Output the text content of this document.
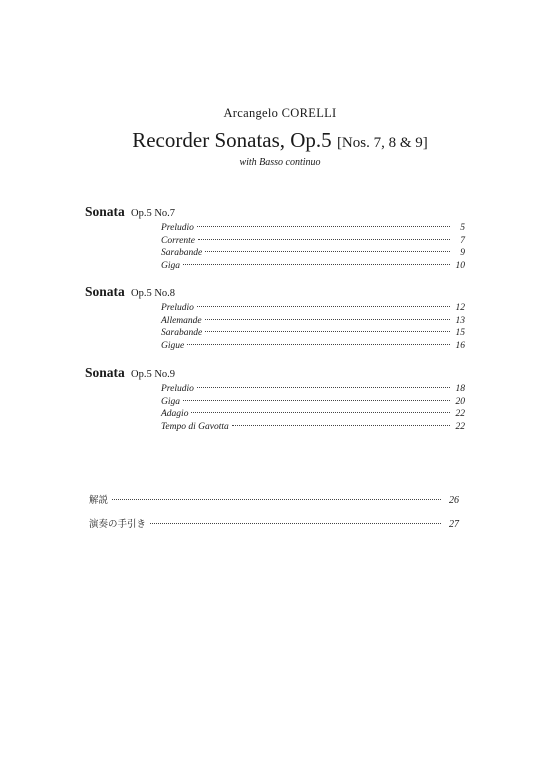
Arcangelo CORELLI
Recorder Sonatas, Op.5 [Nos. 7, 8 & 9]
with Basso continuo
Sonata Op.5 No.7
Preludio	5
Corrente	7
Sarabande	9
Giga	10
Sonata Op.5 No.8
Preludio	12
Allemande	13
Sarabande	15
Gigue	16
Sonata Op.5 No.9
Preludio	18
Giga	20
Adagio	22
Tempo di Gavotta	22
解説	26
演奏の手引き	27
